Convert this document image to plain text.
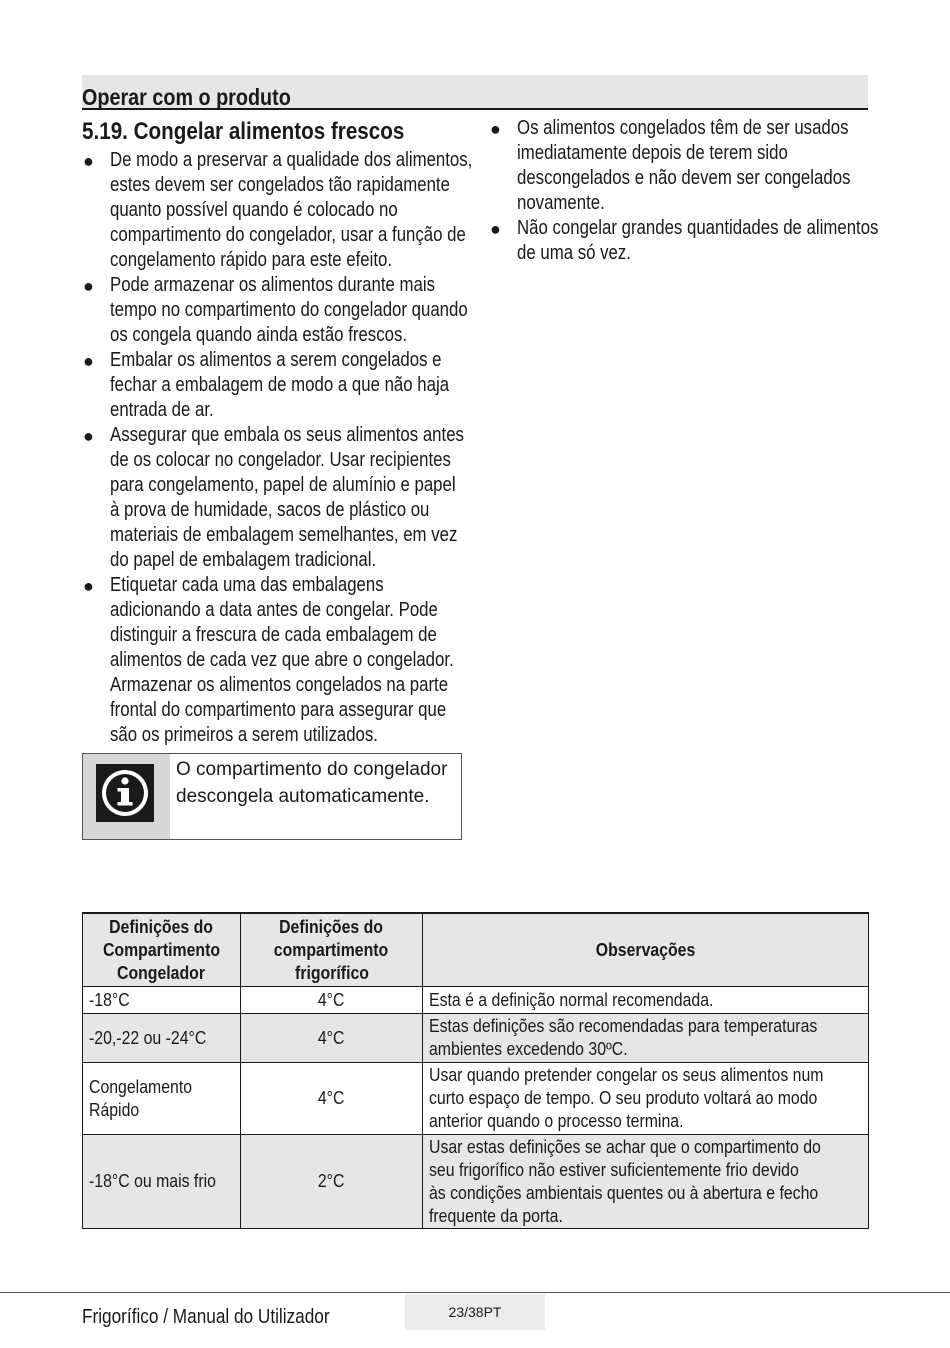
Operar com o produto
5.19. Congelar alimentos frescos
● De modo a preservar a qualidade dos alimentos,
estes devem ser congelados tão rapidamente
quanto possível quando é colocado no
compartimento do congelador, usar a função de
congelamento rápido para este efeito.
● Pode armazenar os alimentos durante mais
tempo no compartimento do congelador quando
os congela quando ainda estão frescos.
● Embalar os alimentos a serem congelados e
fechar a embalagem de modo a que não haja
entrada de ar.
● Assegurar que embala os seus alimentos antes
de os colocar no congelador. Usar recipientes
para congelamento, papel de alumínio e papel
à prova de humidade, sacos de plástico ou
materiais de embalagem semelhantes, em vez
do papel de embalagem tradicional.
● Etiquetar cada uma das embalagens
adicionando a data antes de congelar. Pode
distinguir a frescura de cada embalagem de
alimentos de cada vez que abre o congelador.
Armazenar os alimentos congelados na parte
frontal do compartimento para assegurar que
são os primeiros a serem utilizados.
● Os alimentos congelados têm de ser usados
imediatamente depois de terem sido
descongelados e não devem ser congelados
novamente.
● Não congelar grandes quantidades de alimentos
de uma só vez.
O compartimento do congelador
descongela automaticamente.
Definições do
Compartimento
Congelador	Definições do
compartimento
frigorífico	Observações

-18°C	4°C	Esta é a definição normal recomendada.

-20,-22 ou -24°C	4°C	Estas definições são recomendadas para temperaturas
ambientes excedendo 30ºC.

Congelamento
Rápido	4°C	Usar quando pretender congelar os seus alimentos num
curto espaço de tempo. O seu produto voltará ao modo
anterior quando o processo termina.

-18°C ou mais frio	2°C	Usar estas definições se achar que o compartimento do
seu frigorífico não estiver suficientemente frio devido
às condições ambientais quentes ou à abertura e fecho
frequente da porta.
Frigorífico / Manual do Utilizador	23/38PT
